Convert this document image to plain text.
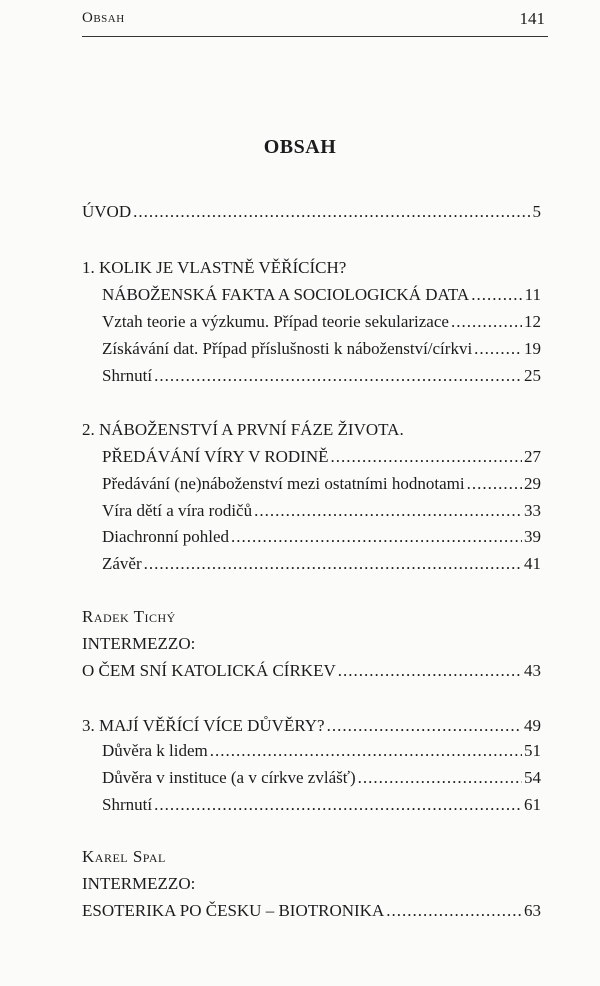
Obsah	141
OBSAH
ÚVOD .....	5
1. KOLIK JE VLASTNĚ VĚŘÍCÍCH?
NÁBOŽENSKÁ FAKTA A SOCIOLOGICKÁ DATA .....	11
Vztah teorie a výzkumu. Případ teorie sekularizace .....	12
Získávání dat. Případ příslušnosti k náboženství/církvi .....	19
Shrnutí .....	25
2. NÁBOŽENSTVÍ A PRVNÍ FÁZE ŽIVOTA.
PŘEDÁVÁNÍ VÍRY V RODINĚ .....	27
Předávání (ne)náboženství mezi ostatními hodnotami .....	29
Víra dětí a víra rodičů .....	33
Diachronní pohled .....	39
Závěr .....	41
Radek Tichý
INTERMEZZO:
O ČEM SNÍ KATOLICKÁ CÍRKEV .....	43
3. MAJÍ VĚŘÍCÍ VÍCE DŮVĚRY? .....	49
Důvěra k lidem .....	51
Důvěra v instituce (a v církve zvlášť) .....	54
Shrnutí .....	61
Karel Spal
INTERMEZZO:
ESOTERIKA PO ČESKU – BIOTRONIKA .....	63
